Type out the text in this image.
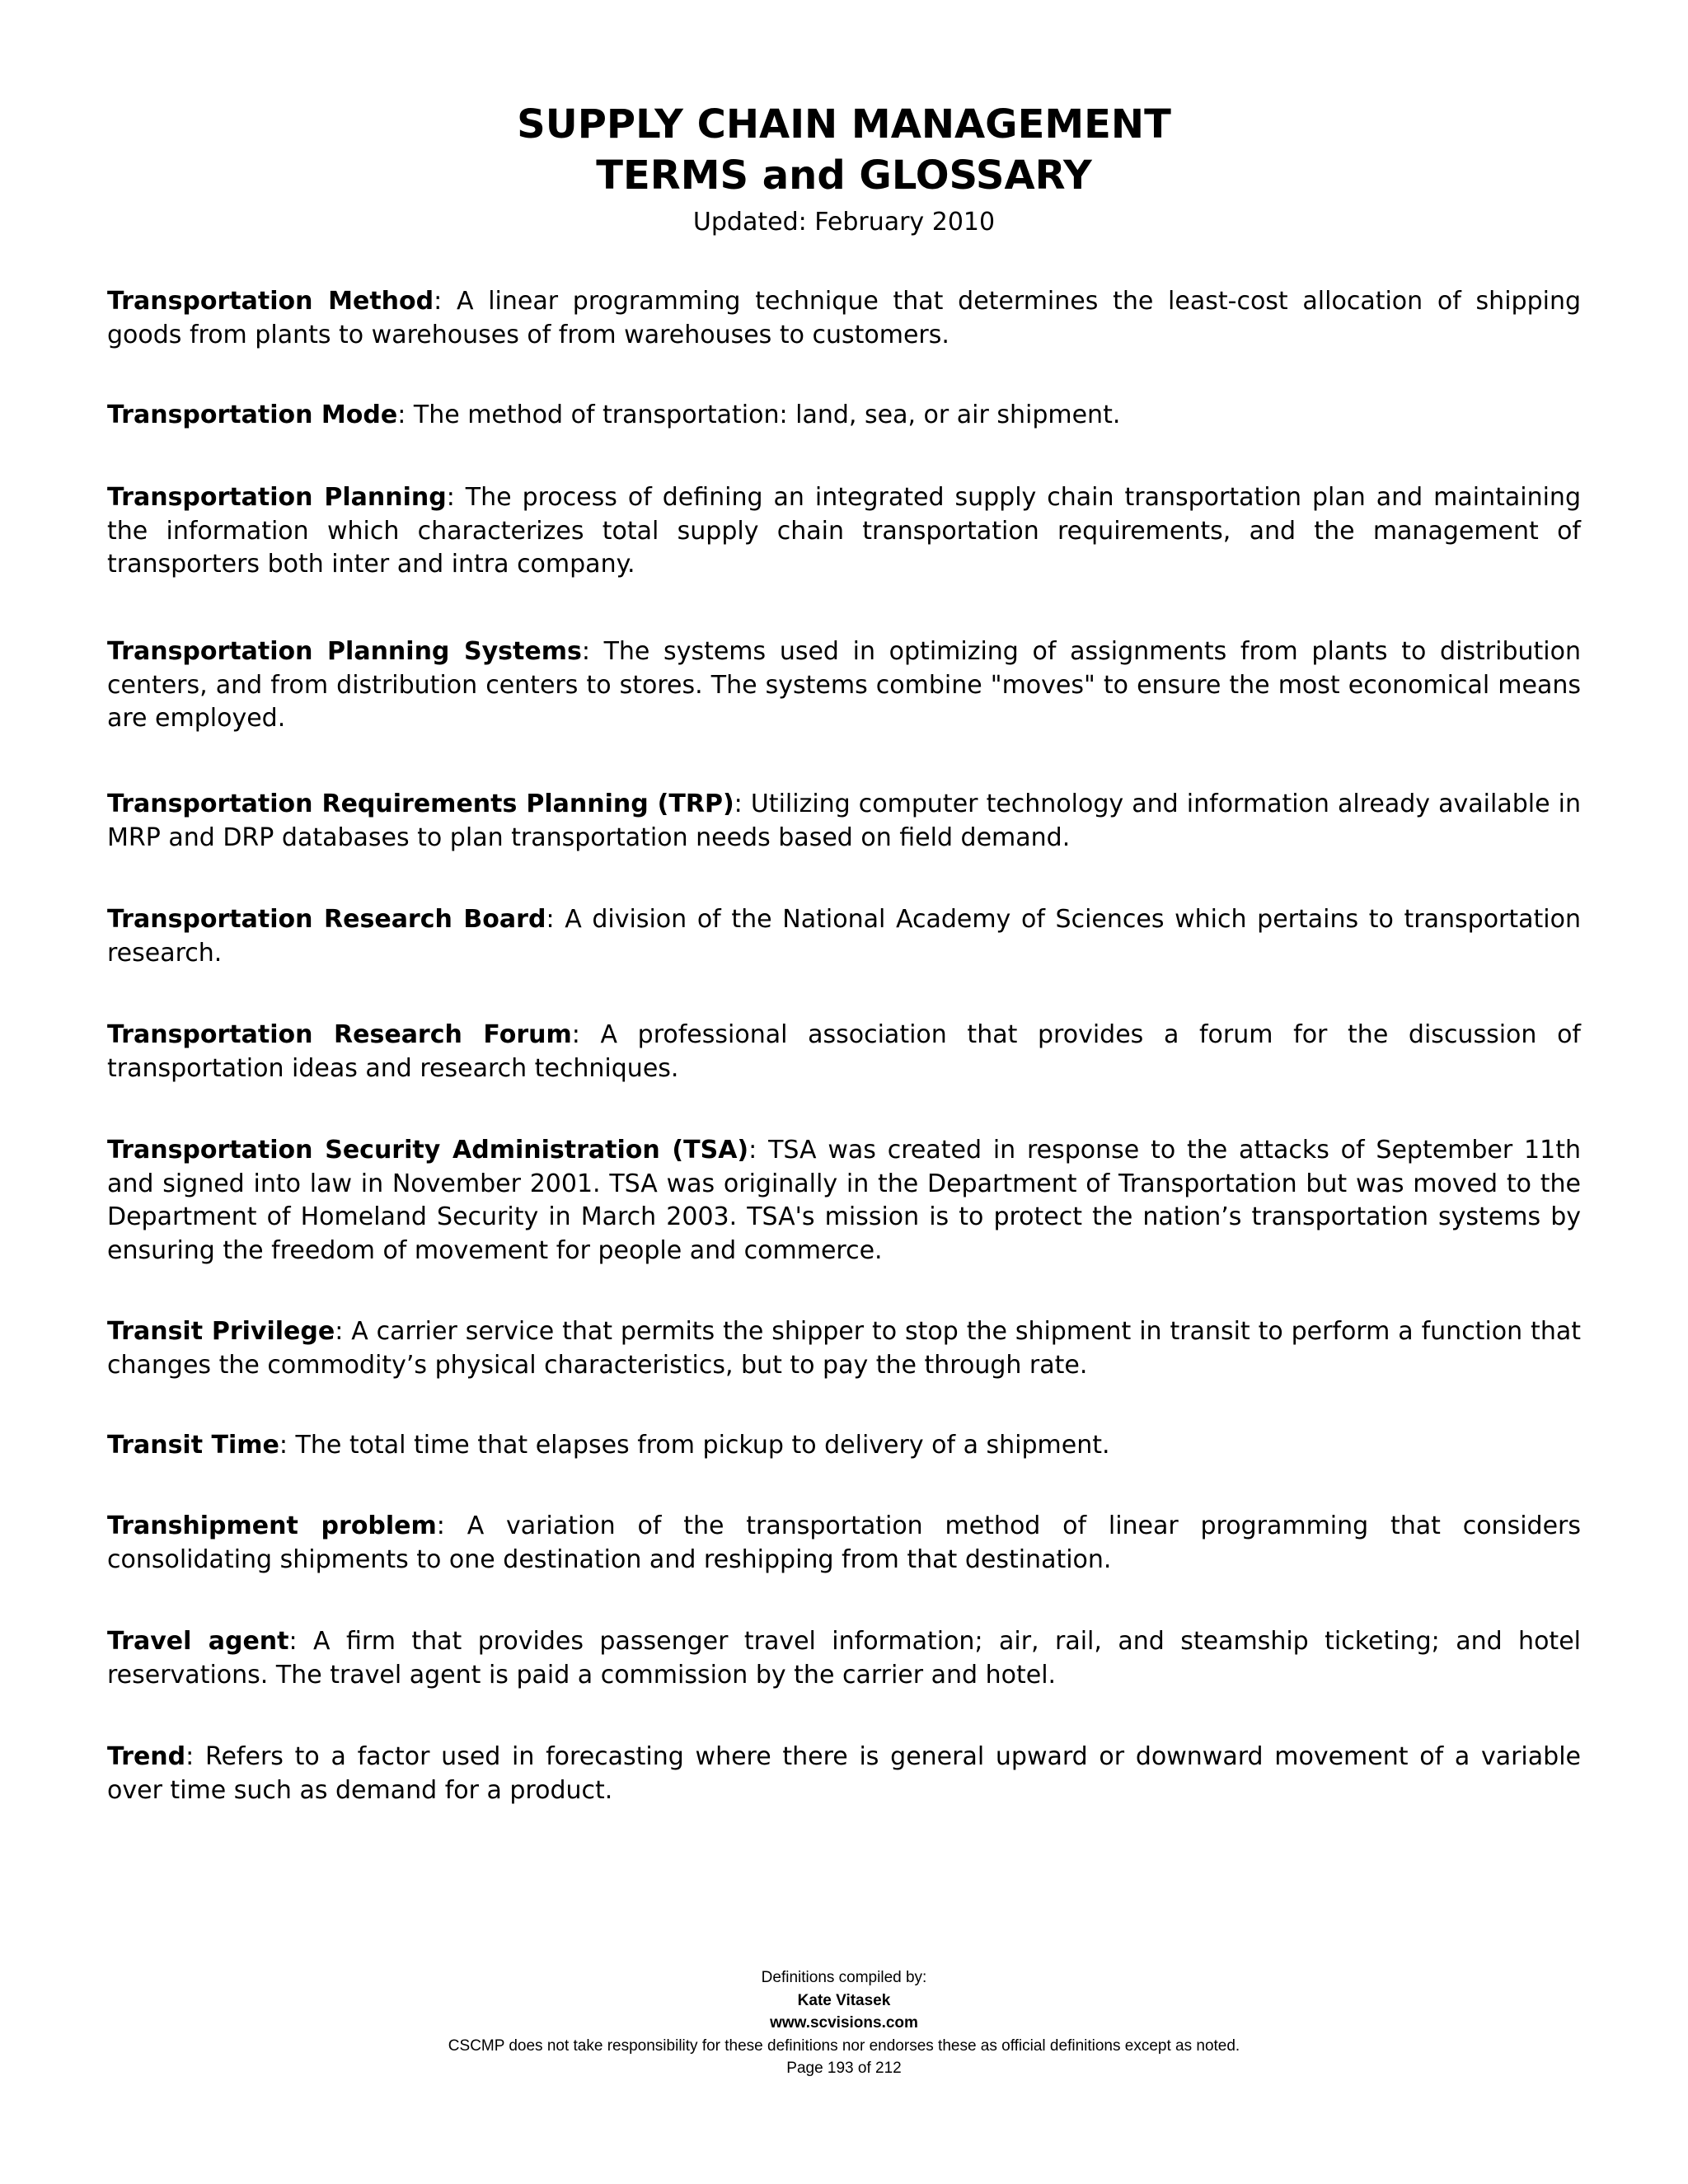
SUPPLY CHAIN MANAGEMENT
TERMS and GLOSSARY
Updated: February 2010

Transportation Method: A linear programming technique that determines the least-cost allocation of shipping goods from plants to warehouses of from warehouses to customers.

Transportation Mode: The method of transportation: land, sea, or air shipment.

Transportation Planning: The process of defining an integrated supply chain transportation plan and maintaining the information which characterizes total supply chain transportation requirements, and the management of transporters both inter and intra company.

Transportation Planning Systems: The systems used in optimizing of assignments from plants to distribution centers, and from distribution centers to stores. The systems combine "moves" to ensure the most economical means are employed.

Transportation Requirements Planning (TRP): Utilizing computer technology and information already available in MRP and DRP databases to plan transportation needs based on field demand.

Transportation Research Board: A division of the National Academy of Sciences which pertains to transportation research.

Transportation Research Forum: A professional association that provides a forum for the discussion of transportation ideas and research techniques.

Transportation Security Administration (TSA): TSA was created in response to the attacks of September 11th and signed into law in November 2001. TSA was originally in the Department of Transportation but was moved to the Department of Homeland Security in March 2003. TSA's mission is to protect the nation’s transportation systems by ensuring the freedom of movement for people and commerce.

Transit Privilege: A carrier service that permits the shipper to stop the shipment in transit to perform a function that changes the commodity’s physical characteristics, but to pay the through rate.

Transit Time: The total time that elapses from pickup to delivery of a shipment.

Transhipment problem: A variation of the transportation method of linear programming that considers consolidating shipments to one destination and reshipping from that destination.

Travel agent: A firm that provides passenger travel information; air, rail, and steamship ticketing; and hotel reservations. The travel agent is paid a commission by the carrier and hotel.

Trend: Refers to a factor used in forecasting where there is general upward or downward movement of a variable over time such as demand for a product.

Definitions compiled by:
Kate Vitasek
www.scvisions.com
CSCMP does not take responsibility for these definitions nor endorses these as official definitions except as noted.
Page 193 of 212
